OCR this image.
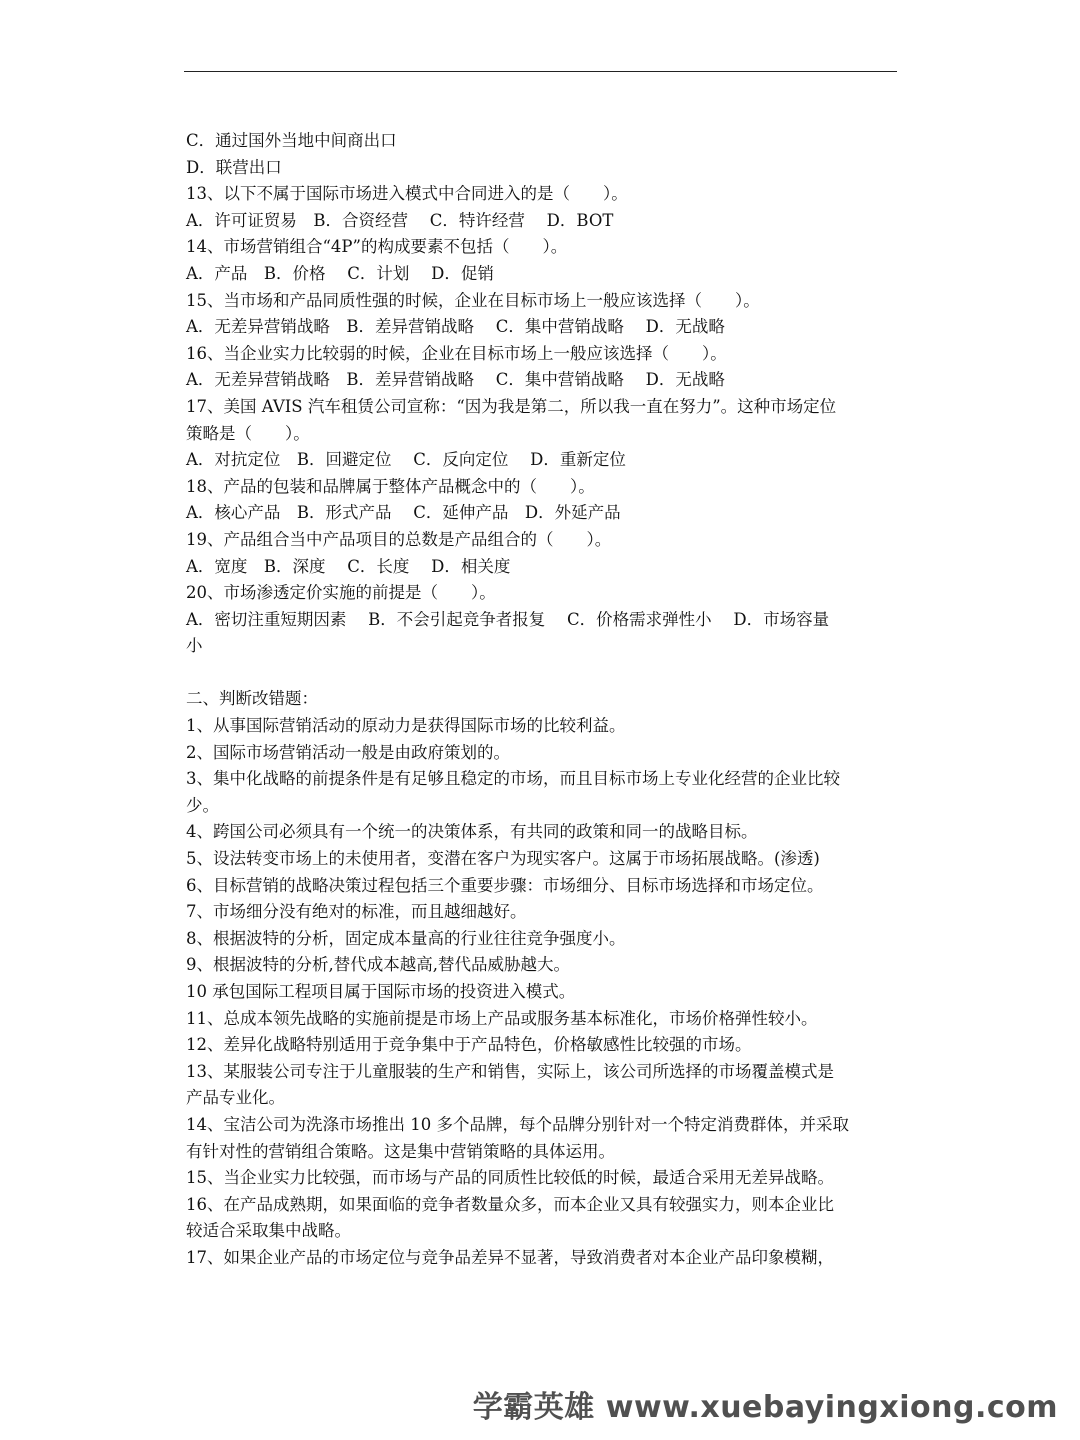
C．通过国外当地中间商出口
D．联营出口
13、以下不属于国际市场进入模式中合同进入的是（　　）。
A．许可证贸易　B．合资经营　 C．特许经营　 D．BOT
14、市场营销组合“4P”的构成要素不包括（　　）。
A．产品　B．价格　 C．计划　 D．促销
15、当市场和产品同质性强的时候，企业在目标市场上一般应该选择（　　）。
A．无差异营销战略　B．差异营销战略　 C．集中营销战略　 D．无战略
16、当企业实力比较弱的时候，企业在目标市场上一般应该选择（　　）。
A．无差异营销战略　B．差异营销战略　 C．集中营销战略　 D．无战略
17、美国 AVIS 汽车租赁公司宣称：“因为我是第二，所以我一直在努力”。这种市场定位
策略是（　　）。
A．对抗定位　B．回避定位　 C．反向定位　 D．重新定位
18、产品的包装和品牌属于整体产品概念中的（　　）。
A．核心产品　B．形式产品　 C．延伸产品　D．外延产品
19、产品组合当中产品项目的总数是产品组合的（　　）。
A．宽度　B．深度　 C．长度　 D．相关度
20、市场渗透定价实施的前提是（　　）。
A．密切注重短期因素　 B．不会引起竞争者报复　 C．价格需求弹性小　 D．市场容量
小
二、判断改错题：
1、从事国际营销活动的原动力是获得国际市场的比较利益。
2、国际市场营销活动一般是由政府策划的。
3、集中化战略的前提条件是有足够且稳定的市场，而且目标市场上专业化经营的企业比较
少。
4、跨国公司必须具有一个统一的决策体系，有共同的政策和同一的战略目标。
5、设法转变市场上的未使用者，变潜在客户为现实客户。这属于市场拓展战略。(渗透)
6、目标营销的战略决策过程包括三个重要步骤：市场细分、目标市场选择和市场定位。
7、市场细分没有绝对的标准，而且越细越好。
8、根据波特的分析，固定成本量高的行业往往竞争强度小。
9、根据波特的分析,替代成本越高,替代品威胁越大。
10 承包国际工程项目属于国际市场的投资进入模式。
11、总成本领先战略的实施前提是市场上产品或服务基本标准化，市场价格弹性较小。
12、差异化战略特别适用于竞争集中于产品特色，价格敏感性比较强的市场。
13、某服装公司专注于儿童服装的生产和销售，实际上，该公司所选择的市场覆盖模式是
产品专业化。
14、宝洁公司为洗涤市场推出 10 多个品牌，每个品牌分别针对一个特定消费群体，并采取
有针对性的营销组合策略。这是集中营销策略的具体运用。
15、当企业实力比较强，而市场与产品的同质性比较低的时候，最适合采用无差异战略。
16、在产品成熟期，如果面临的竞争者数量众多，而本企业又具有较强实力，则本企业比
较适合采取集中战略。
17、如果企业产品的市场定位与竞争品差异不显著，导致消费者对本企业产品印象模糊，
学霸英雄 www.xuebayingxiong.com
